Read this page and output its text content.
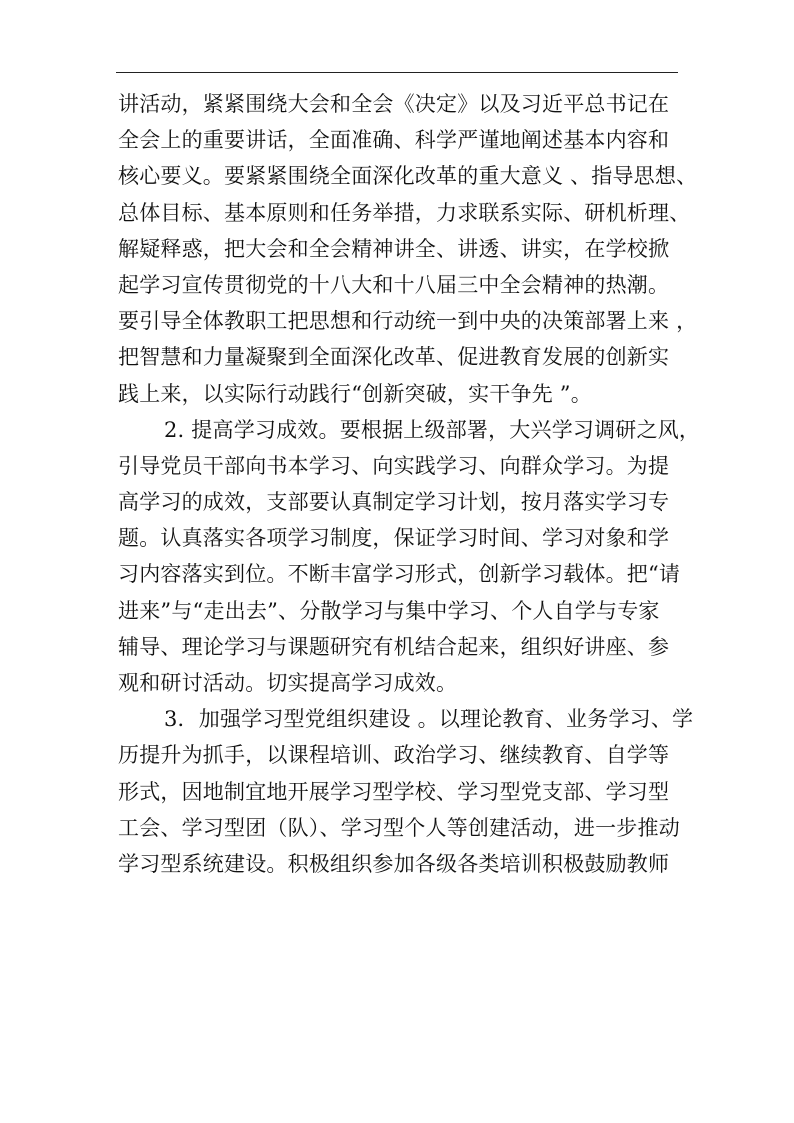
讲活动，紧紧围绕大会和全会《决定》以及习近平总书记在
全会上的重要讲话，全面准确、科学严谨地阐述基本内容和
核心要义。要紧紧围绕全面深化改革的重大意义 、指导思想、
总体目标、基本原则和任务举措，力求联系实际、研机析理、
解疑释惑，把大会和全会精神讲全、讲透、讲实，在学校掀
起学习宣传贯彻党的十八大和十八届三中全会精神的热潮。
要引导全体教职工把思想和行动统一到中央的决策部署上来 ，
把智慧和力量凝聚到全面深化改革、促进教育发展的创新实
践上来，以实际行动践行“创新突破，实干争先 ”。
2. 提高学习成效。要根据上级部署，大兴学习调研之风，
引导党员干部向书本学习、向实践学习、向群众学习。为提
高学习的成效，支部要认真制定学习计划，按月落实学习专
题。认真落实各项学习制度，保证学习时间、学习对象和学
习内容落实到位。不断丰富学习形式，创新学习载体。把“请
进来”与“走出去”、分散学习与集中学习、个人自学与专家
辅导、理论学习与课题研究有机结合起来，组织好讲座、参
观和研讨活动。切实提高学习成效。
3．加强学习型党组织建设 。以理论教育、业务学习、学
历提升为抓手，以课程培训、政治学习、继续教育、自学等
形式，因地制宜地开展学习型学校、学习型党支部、学习型
工会、学习型团（队）、学习型个人等创建活动，进一步推动
学习型系统建设。积极组织参加各级各类培训积极鼓励教师
